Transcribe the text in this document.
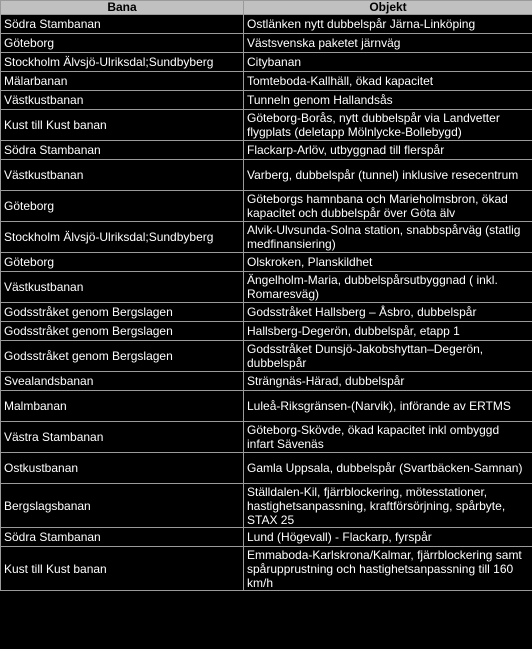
Bana	Objekt
Södra Stambanan	Ostlänken nytt dubbelspår Järna-Linköping
Göteborg	Västsvenska paketet järnväg
Stockholm Älvsjö-Ulriksdal;Sundbyberg	Citybanan
Mälarbanan	Tomteboda-Kallhäll, ökad kapacitet
Västkustbanan	Tunneln genom Hallandsås
Kust till Kust banan	Göteborg-Borås, nytt dubbelspår via Landvetter flygplats (deletapp Mölnlycke-Bollebygd)
Södra Stambanan	Flackarp-Arlöv, utbyggnad till flerspår
Västkustbanan	Varberg, dubbelspår (tunnel) inklusive resecentrum
Göteborg	Göteborgs hamnbana och Marieholmsbron, ökad kapacitet och dubbelspår över Göta älv
Stockholm Älvsjö-Ulriksdal;Sundbyberg	Alvik-Ulvsunda-Solna station, snabbspårväg (statlig medfinansiering)
Göteborg	Olskroken, Planskildhet
Västkustbanan	Ängelholm-Maria, dubbelspårsutbyggnad ( inkl. Romaresväg)
Godsstråket genom Bergslagen	Godsstråket Hallsberg – Åsbro, dubbelspår
Godsstråket genom Bergslagen	Hallsberg-Degerön, dubbelspår, etapp 1
Godsstråket genom Bergslagen	Godsstråket Dunsjö-Jakobshyttan–Degerön, dubbelspår
Svealandsbanan	Strängnäs-Härad, dubbelspår
Malmbanan	Luleå-Riksgränsen-(Narvik), införande av ERTMS
Västra Stambanan	Göteborg-Skövde, ökad kapacitet inkl ombyggd infart Sävenäs
Ostkustbanan	Gamla Uppsala, dubbelspår (Svartbäcken-Samnan)
Bergslagsbanan	Ställdalen-Kil, fjärrblockering, mötesstationer, hastighetsanpassning, kraftförsörjning, spårbyte, STAX 25
Södra Stambanan	Lund (Högevall) - Flackarp, fyrspår
Kust till Kust banan	Emmaboda-Karlskrona/Kalmar, fjärrblockering samt spårupprustning och hastighetsanpassning till 160 km/h
